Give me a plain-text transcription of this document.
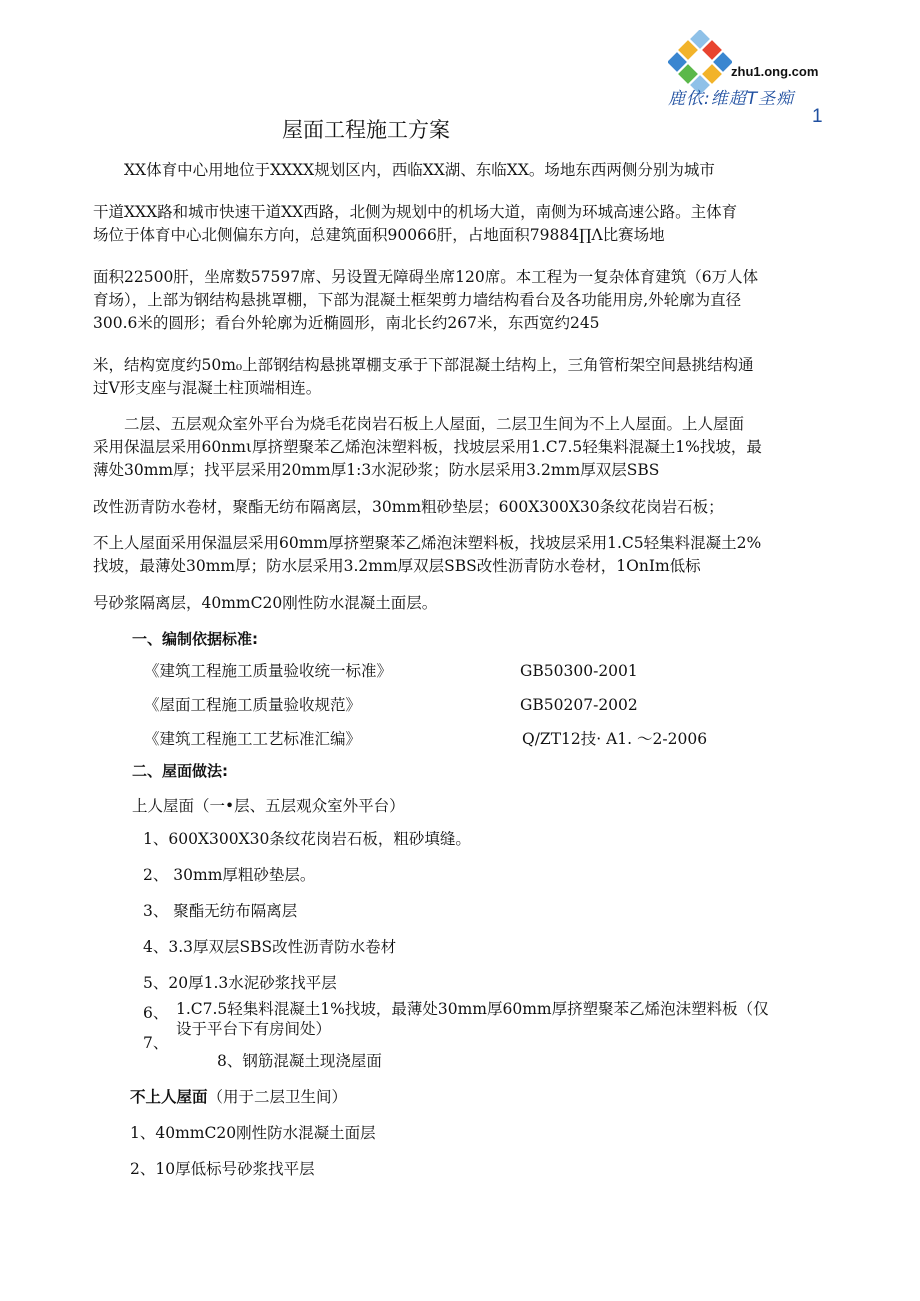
zhu1.ong.com
鹿依:维超T圣痴
1
屋面工程施工方案
XX体育中心用地位于XXXX规划区内，西临XX湖、东临XX。场地东西两侧分别为城市
干道XXX路和城市快速干道XX西路，北侧为规划中的机场大道，南侧为环城高速公路。主体育
场位于体育中心北侧偏东方向，总建筑面积90066肝，占地面积79884∏Λ比赛场地
面积22500肝，坐席数57597席、另设置无障碍坐席120席。本工程为一复杂体育建筑（6万人体
育场），上部为钢结构悬挑罩棚，下部为混凝土框架剪力墙结构看台及各功能用房,外轮廓为直径
300.6米的圆形；看台外轮廓为近椭圆形，南北长约267米，东西宽约245
米，结构宽度约50m₀上部钢结构悬挑罩棚支承于下部混凝土结构上，三角管桁架空间悬挑结构通
过V形支座与混凝土柱顶端相连。
二层、五层观众室外平台为烧毛花岗岩石板上人屋面，二层卫生间为不上人屋面。上人屋面
采用保温层采用60nmι厚挤塑聚苯乙烯泡沫塑料板，找坡层采用1.C7.5轻集料混凝土1%找坡，最
薄处30mm厚；找平层采用20mm厚1:3水泥砂浆；防水层采用3.2mm厚双层SBS
改性沥青防水卷材，聚酯无纺布隔离层，30mm粗砂垫层；600X300X30条纹花岗岩石板；
不上人屋面采用保温层采用60mm厚挤塑聚苯乙烯泡沫塑料板，找坡层采用1.C5轻集料混凝土2%
找坡，最薄处30mm厚；防水层采用3.2mm厚双层SBS改性沥青防水卷材，1OnIm低标
号砂浆隔离层，40mmC20刚性防水混凝土面层。
一、编制依据标准:
《建筑工程施工质量验收统一标准》	GB50300-2001
《屋面工程施工质量验收规范》	GB50207-2002
《建筑工程施工工艺标准汇编》	Q/ZT12技· A1. ～2-2006
二、屋面做法:
上人屋面（一•层、五层观众室外平台）
1、600X300X30条纹花岗岩石板，粗砂填缝。
2、 30mm厚粗砂垫层。
3、 聚酯无纺布隔离层
4、3.3厚双层SBS改性沥青防水卷材
5、20厚1.3水泥砂浆找平层
6、 1.C7.5轻集料混凝土1%找坡，最薄处30mm厚60mm厚挤塑聚苯乙烯泡沫塑料板（仅
设于平台下有房间处）
7、
8、钢筋混凝土现浇屋面
不上人屋面（用于二层卫生间）
1、40mmC20刚性防水混凝土面层
2、10厚低标号砂浆找平层
